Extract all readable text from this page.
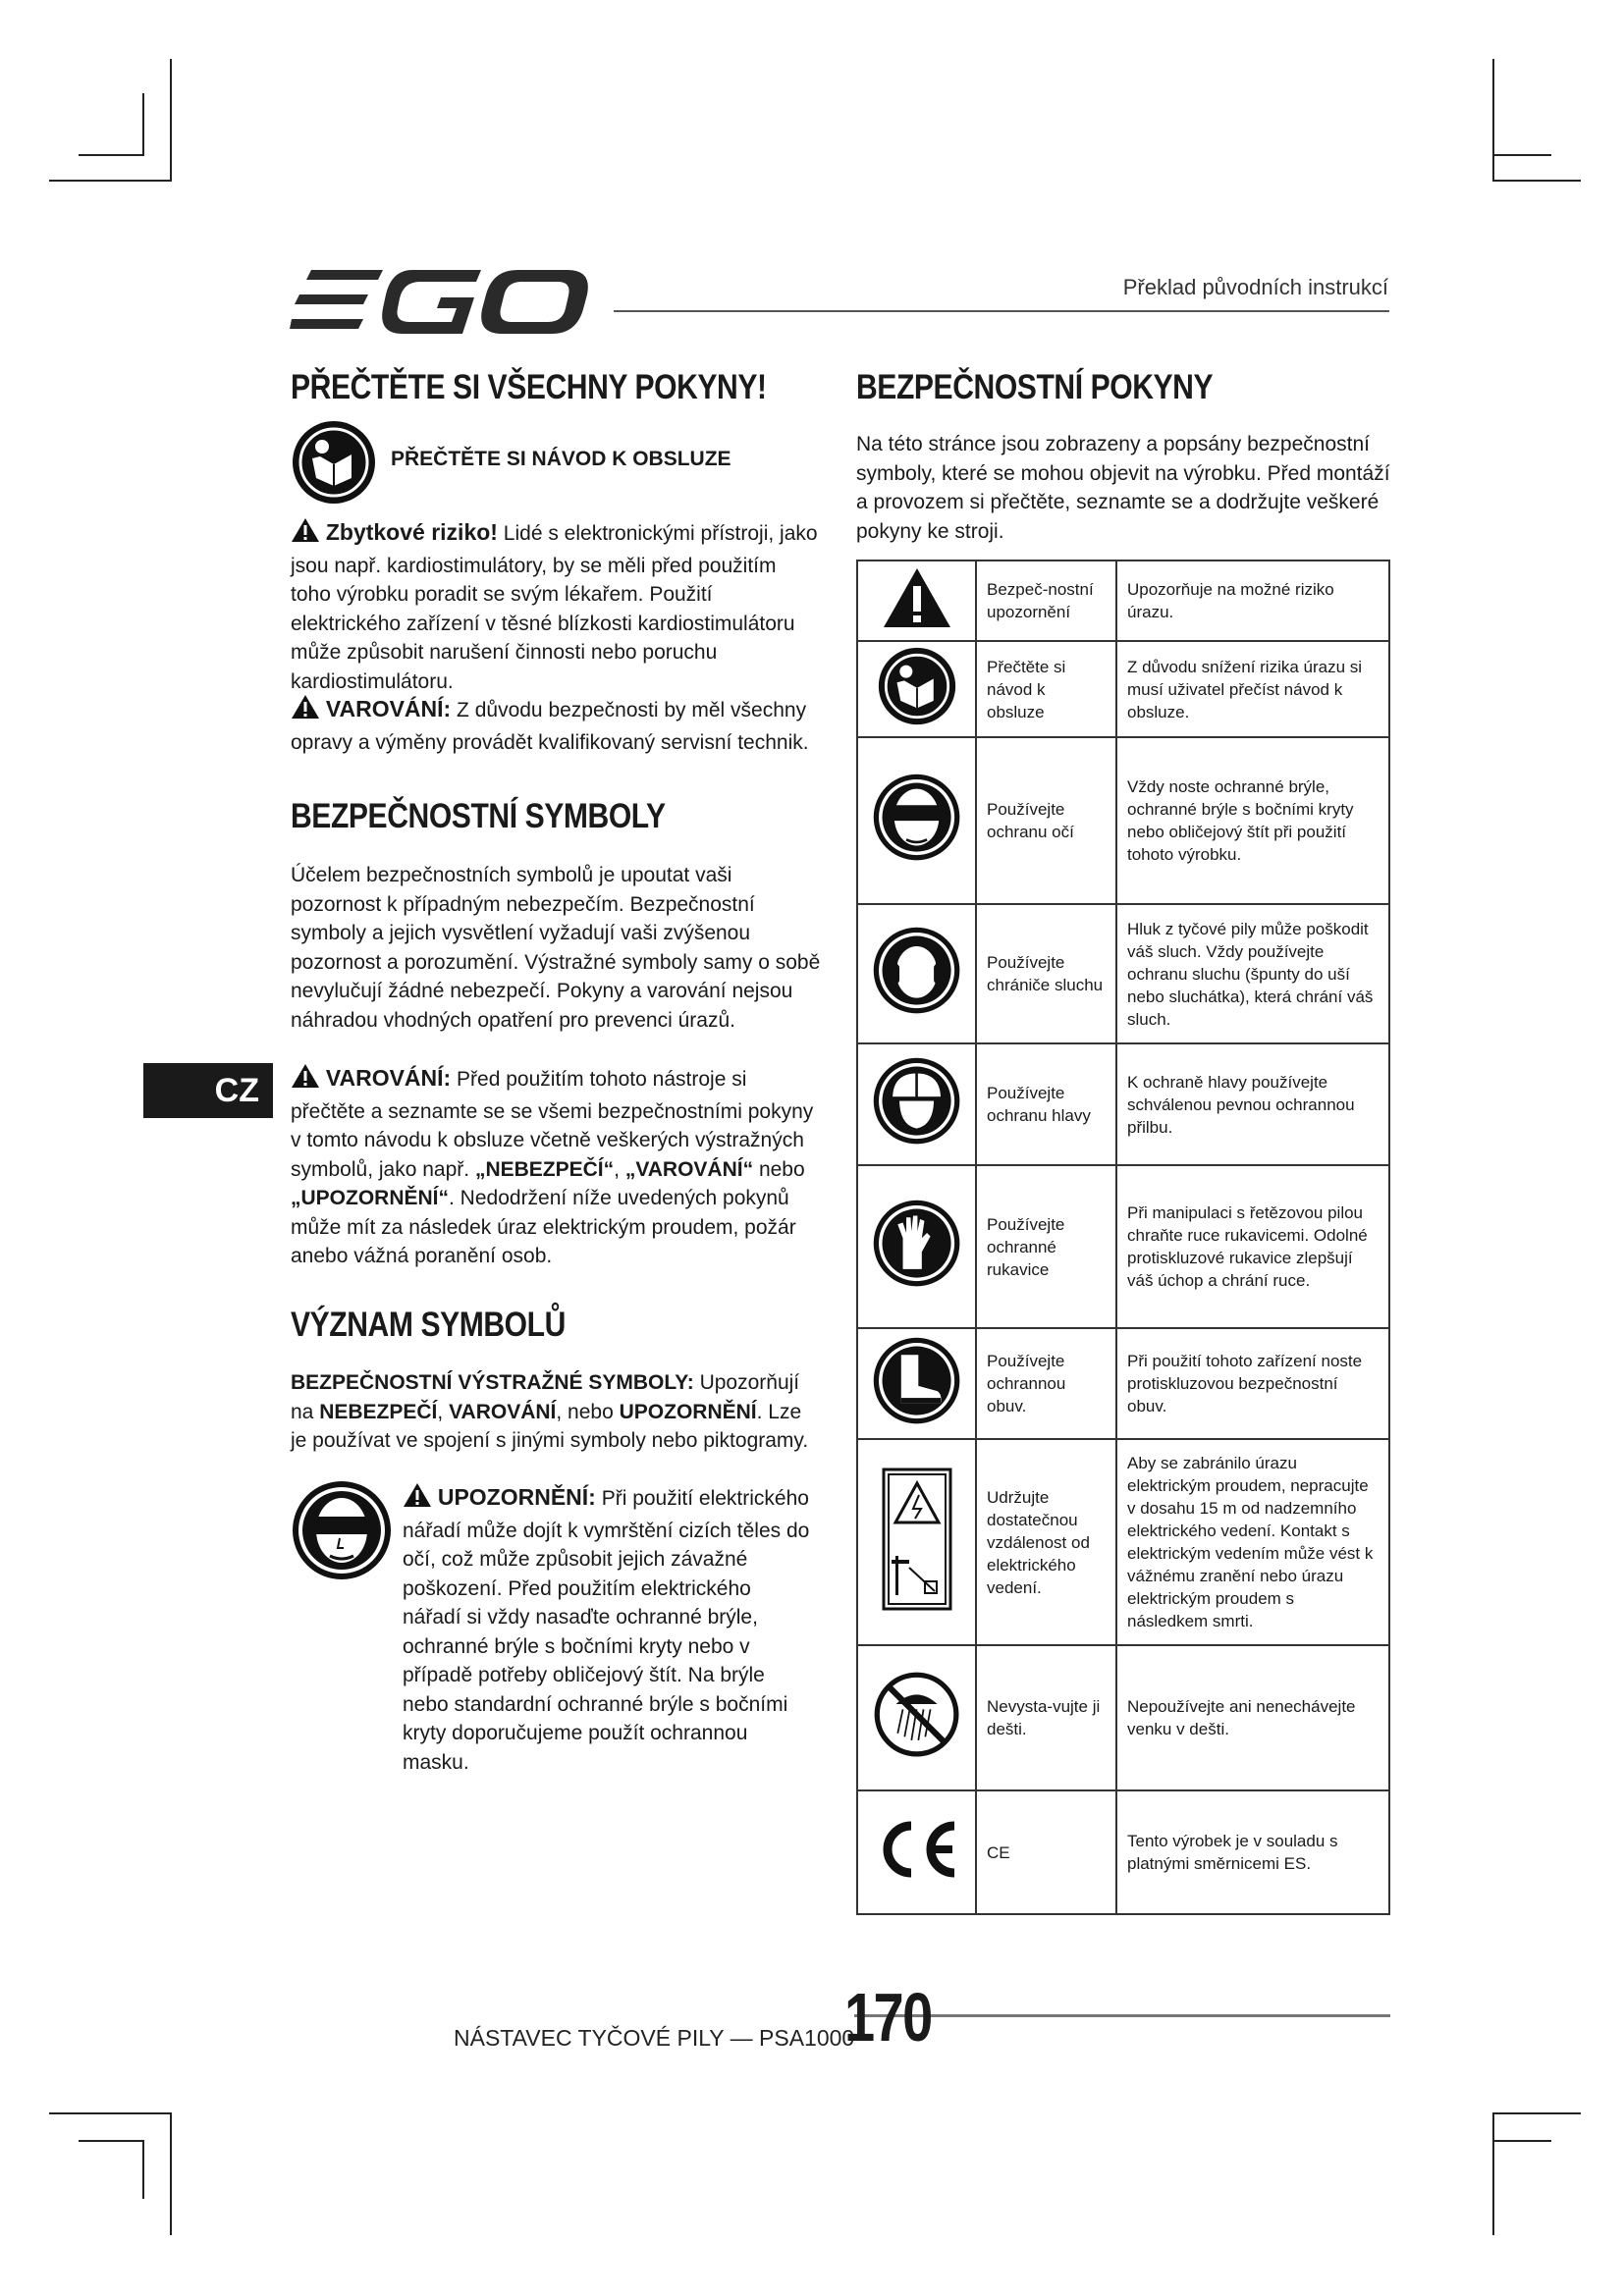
Překlad původních instrukcí
PŘEČTĚTE SI VŠECHNY POKYNY!
PŘEČTĚTE SI NÁVOD K OBSLUZE
Zbytkové riziko! Lidé s elektronickými přístroji, jako jsou např. kardiostimulátory, by se měli před použitím toho výrobku poradit se svým lékařem. Použití elektrického zařízení v těsné blízkosti kardiostimulátoru může způsobit narušení činnosti nebo poruchu kardiostimulátoru.
VAROVÁNÍ: Z důvodu bezpečnosti by měl všechny opravy a výměny provádět kvalifikovaný servisní technik.
BEZPEČNOSTNÍ SYMBOLY
Účelem bezpečnostních symbolů je upoutat vaši pozornost k případným nebezpečím. Bezpečnostní symboly a jejich vysvětlení vyžadují vaši zvýšenou pozornost a porozumění. Výstražné symboly samy o sobě nevylučují žádné nebezpečí. Pokyny a varování nejsou náhradou vhodných opatření pro prevenci úrazů.
CZ	VAROVÁNÍ: Před použitím tohoto nástroje si přečtěte a seznamte se se všemi bezpečnostními pokyny v tomto návodu k obsluze včetně veškerých výstražných symbolů, jako např. „NEBEZPEČÍ“, „VAROVÁNÍ“ nebo „UPOZORNĚNÍ“. Nedodržení níže uvedených pokynů může mít za následek úraz elektrickým proudem, požár anebo vážná poranění osob.
VÝZNAM SYMBOLŮ
BEZPEČNOSTNÍ VÝSTRAŽNÉ SYMBOLY: Upozorňují na NEBEZPEČÍ, VAROVÁNÍ, nebo UPOZORNĚNÍ. Lze je používat ve spojení s jinými symboly nebo piktogramy.
UPOZORNĚNÍ: Při použití elektrického nářadí může dojít k vymrštění cizích těles do očí, což může způsobit jejich závažné poškození. Před použitím elektrického nářadí si vždy nasaďte ochranné brýle, ochranné brýle s bočními kryty nebo v případě potřeby obličejový štít. Na brýle nebo standardní ochranné brýle s bočními kryty doporučujeme použít ochrannou masku.
BEZPEČNOSTNÍ POKYNY
Na této stránce jsou zobrazeny a popsány bezpečnostní symboly, které se mohou objevit na výrobku. Před montáží a provozem si přečtěte, seznamte se a dodržujte veškeré pokyny ke stroji.
	Bezpeč-nostní upozornění	Upozorňuje na možné riziko úrazu.
	Přečtěte si návod k obsluze	Z důvodu snížení rizika úrazu si musí uživatel přečíst návod k obsluze.
	Používejte ochranu očí	Vždy noste ochranné brýle, ochranné brýle s bočními kryty nebo obličejový štít při použití tohoto výrobku.
	Používejte chrániče sluchu	Hluk z tyčové pily může poškodit váš sluch. Vždy používejte ochranu sluchu (špunty do uší nebo sluchátka), která chrání váš sluch.
	Používejte ochranu hlavy	K ochraně hlavy používejte schválenou pevnou ochrannou přilbu.
	Používejte ochranné rukavice	Při manipulaci s řetězovou pilou chraňte ruce rukavicemi. Odolné protiskluzové rukavice zlepšují váš úchop a chrání ruce.
	Používejte ochrannou obuv.	Při použití tohoto zařízení noste protiskluzovou bezpečnostní obuv.
	Udržujte dostatečnou vzdálenost od elektrického vedení.	Aby se zabránilo úrazu elektrickým proudem, nepracujte v dosahu 15 m od nadzemního elektrického vedení. Kontakt s elektrickým vedením může vést k vážnému zranění nebo úrazu elektrickým proudem s následkem smrti.
	Nevysta-vujte ji dešti.	Nepoužívejte ani nenechávejte venku v dešti.
	CE	Tento výrobek je v souladu s platnými směrnicemi ES.
NÁSTAVEC TYČOVÉ PILY — PSA1000
170
